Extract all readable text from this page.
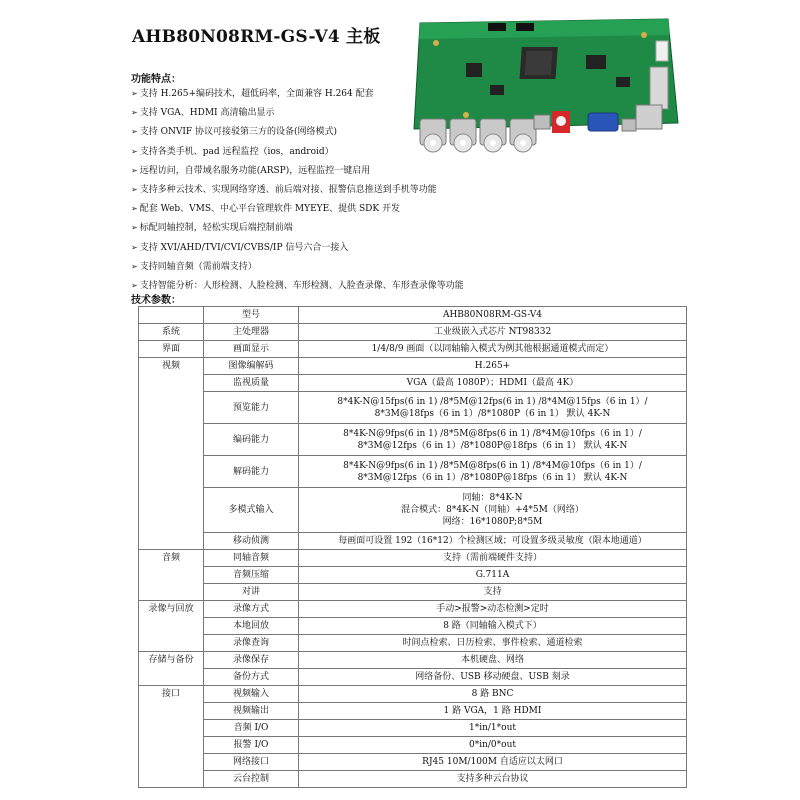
AHB80N08RM-GS-V4 主板
功能特点：
➢ 支持 H.265+编码技术，超低码率，全面兼容 H.264 配套
➢ 支持 VGA、HDMI 高清输出显示
➢ 支持 ONVIF 协议可接驳第三方的设备(网络模式)
➢ 支持各类手机、pad 远程监控（ios，android）
➢ 远程访问，自带域名服务功能(ARSP)，远程监控一键启用
➢ 支持多种云技术、实现网络穿透、前后端对接、报警信息推送到手机等功能
➢ 配套 Web、VMS、中心平台管理软件 MYEYE、提供 SDK 开发
➢ 标配同轴控制，轻松实现后端控制前端
➢ 支持 XVI/AHD/TVI/CVI/CVBS/IP 信号六合一接入
➢ 支持同轴音频（需前端支持）
➢ 支持智能分析：人形检测、人脸检测、车形检测、人脸查录像、车形查录像等功能
技术参数：

	型号	AHB80N08RM-GS-V4

系统	主处理器	工业级嵌入式芯片 NT98332

界面	画面显示	1/4/8/9 画面（以同轴输入模式为例其他根据通道模式而定）

视频	图像编解码	H.265+

	监视质量	VGA（最高 1080P）；HDMI（最高 4K）

	预览能力	8*4K-N@15fps(6 in 1) /8*5M@12fps(6 in 1) /8*4M@15fps（6 in 1）/
8*3M@18fps（6 in 1）/8*1080P（6 in 1） 默认 4K-N

	编码能力	8*4K-N@9fps(6 in 1) /8*5M@8fps(6 in 1) /8*4M@10fps（6 in 1）/
8*3M@12fps（6 in 1）/8*1080P@18fps（6 in 1） 默认 4K-N

	解码能力	8*4K-N@9fps(6 in 1) /8*5M@8fps(6 in 1) /8*4M@10fps（6 in 1）/
8*3M@12fps（6 in 1）/8*1080P@18fps（6 in 1） 默认 4K-N

	多模式输入	同轴：8*4K-N
混合模式：8*4K-N（同轴）+4*5M（网络）
网络：16*1080P;8*5M

	移动侦测	每画面可设置 192（16*12）个检测区域；可设置多级灵敏度（限本地通道）

音频	同轴音频	支持（需前端硬件支持）

	音频压缩	G.711A

	对讲	支持

录像与回放	录像方式	手动>报警>动态检测>定时

	本地回放	8 路（同轴输入模式下）

	录像查询	时间点检索、日历检索、事件检索、通道检索

存储与备份	录像保存	本机硬盘、网络

	备份方式	网络备份、USB 移动硬盘、USB 刻录

接口	视频输入	8 路 BNC

	视频输出	1 路 VGA，1 路 HDMI

	音频 I/O	1*in/1*out

	报警 I/O	0*in/0*out

	网络接口	RJ45 10M/100M 自适应以太网口

	云台控制	支持多种云台协议
